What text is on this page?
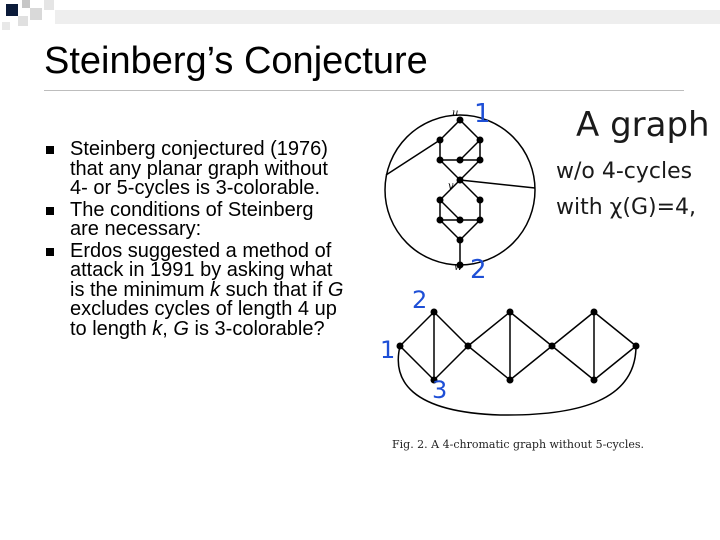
Steinberg’s Conjecture
Steinberg conjectured (1976) that any planar graph without 4- or 5-cycles is 3-colorable.
The conditions of Steinberg are necessary:
Erdos suggested a method of attack in 1991 by asking what is the minimum k such that if G excludes cycles of length 4 up to length k, G is 3-colorable?
u
v
w
1
2
2
1
3
A graph
w/o 4-cycles
with χ(G)=4,
Fig. 2. A 4-chromatic graph without 5-cycles.
